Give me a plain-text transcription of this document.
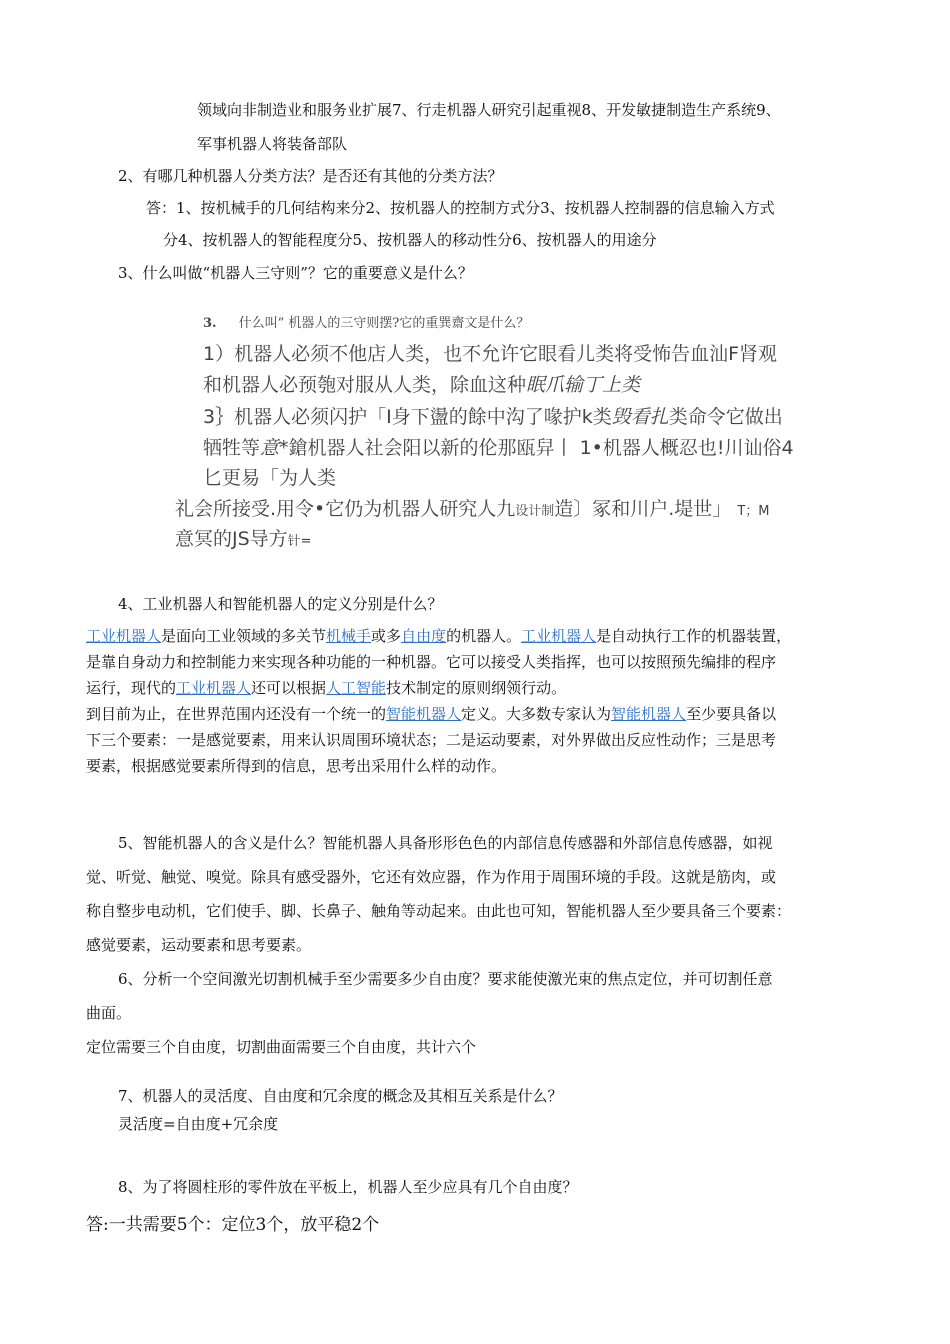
领域向非制造业和服务业扩展7、行走机器人研究引起重视8、开发敏捷制造生产系统9、
军事机器人将装备部队
2、有哪几种机器人分类方法？是否还有其他的分类方法？
答：1、按机械手的几何结构来分2、按机器人的控制方式分3、按机器人控制器的信息输入方式
分4、按机器人的智能程度分5、按机器人的移动性分6、按机器人的用途分
3、什么叫做“机器人三守则”？它的重要意义是什么？
3. 什么叫” 机器人的三守则摆?它的重巽齋文是什么？
1）机器人必须不他店人类，也不允许它眼看儿类将受怖告血汕F肾观
和机器人必预匏对服从人类，除血这种眠爪输丁上类
3｝机器人必须闪护「I身下盪的餘中沟了喙护k类毁看扎类命令它做出
牺牲等意*鎗机器人社会阳以新的伦那瓯舁丨 1•机器人概忍也!川讪俗4
匕更易「为人类
礼会所接受.用令•它仍为机器人研究人九设计制造〕冢和川户.堤世」 T；M
意冥的JS导方针=
4、工业机器人和智能机器人的定义分别是什么？
工业机器人是面向工业领域的多关节机械手或多自由度的机器人。工业机器人是自动执行工作的机器装置，
是靠自身动力和控制能力来实现各种功能的一种机器。它可以接受人类指挥，也可以按照预先编排的程序
运行，现代的工业机器人还可以根据人工智能技术制定的原则纲领行动。
到目前为止，在世界范围内还没有一个统一的智能机器人定义。大多数专家认为智能机器人至少要具备以
下三个要素：一是感觉要素，用来认识周围环境状态；二是运动要素，对外界做出反应性动作；三是思考
要素，根据感觉要素所得到的信息，思考出采用什么样的动作。
5、智能机器人的含义是什么？智能机器人具备形形色色的内部信息传感器和外部信息传感器，如视
觉、听觉、触觉、嗅觉。除具有感受器外，它还有效应器，作为作用于周围环境的手段。这就是筋肉，或
称自整步电动机，它们使手、脚、长鼻子、触角等动起来。由此也可知，智能机器人至少要具备三个要素：
感觉要素，运动要素和思考要素。
6、分析一个空间激光切割机械手至少需要多少自由度？要求能使激光束的焦点定位，并可切割任意
曲面。
定位需要三个自由度，切割曲面需要三个自由度，共计六个
7、机器人的灵活度、自由度和冗余度的概念及其相互关系是什么？
灵活度=自由度+冗余度
8、为了将圆柱形的零件放在平板上，机器人至少应具有几个自由度？
答:一共需要5个：定位3个，放平稳2个
